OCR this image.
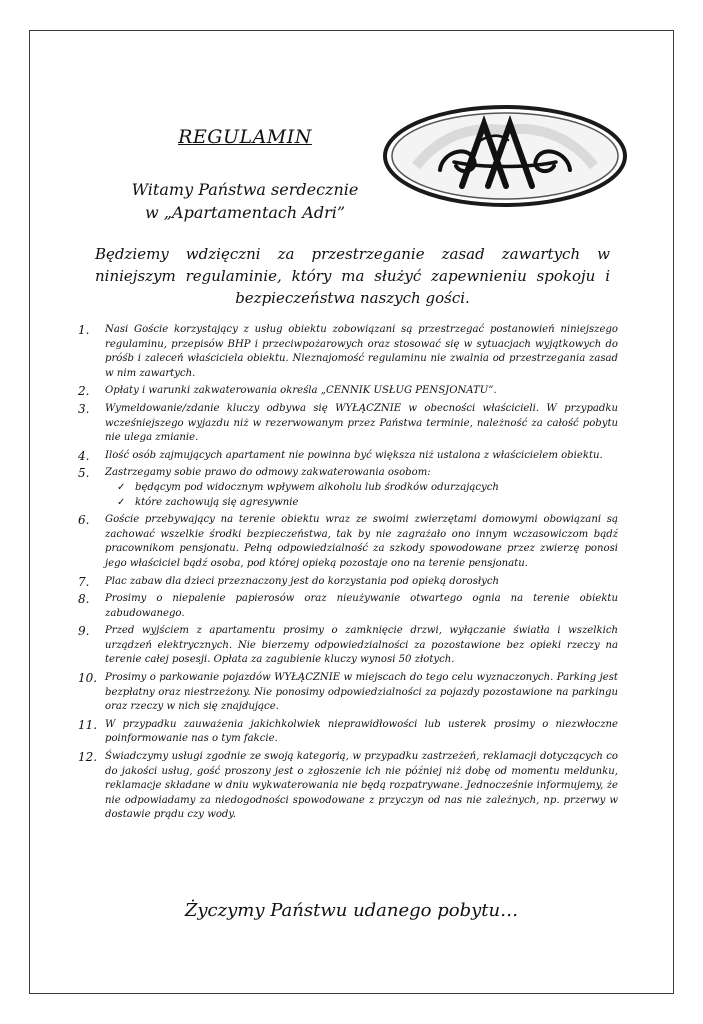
REGULAMIN
Witamy Państwa serdecznie
w „Apartamentach Adri”
Będziemy wdzięczni za przestrzeganie zasad zawartych w niniejszym regulaminie, który ma służyć zapewnieniu spokoju i bezpieczeństwa naszych gości.
1.	Nasi Goście korzystający z usług obiektu zobowiązani są przestrzegać postanowień niniejszego regulaminu, przepisów BHP i przeciwpożarowych oraz stosować się w sytuacjach wyjątkowych do próśb i zaleceń właściciela obiektu. Nieznajomość regulaminu nie zwalnia od przestrzegania zasad w nim zawartych.
2.	Opłaty i warunki zakwaterowania określa „CENNIK USŁUG PENSJONATU”.
3.	Wymeldowanie/zdanie kluczy odbywa się WYŁĄCZNIE w obecności właścicieli. W przypadku wcześniejszego wyjazdu niż w rezerwowanym przez Państwa terminie, należność za całość pobytu nie ulega zmianie.
4.	Ilość osób zajmujących apartament nie powinna być większa niż ustalona z właścicielem obiektu.
5.	Zastrzegamy sobie prawo do odmowy zakwaterowania osobom:
✓ będącym pod widocznym wpływem alkoholu lub środków odurzających
✓ które zachowują się agresywnie
6.	Goście przebywający na terenie obiektu wraz ze swoimi zwierzętami domowymi obowiązani są zachować wszelkie środki bezpieczeństwa, tak by nie zagrażało ono innym wczasowiczom bądź pracownikom pensjonatu. Pełną odpowiedzialność za szkody spowodowane przez zwierzę ponosi jego właściciel bądź osoba, pod której opieką pozostaje ono na terenie pensjonatu.
7.	Plac zabaw dla dzieci przeznaczony jest do korzystania pod opieką dorosłych
8.	Prosimy o niepalenie papierosów oraz nieużywanie otwartego ognia na terenie obiektu zabudowanego.
9.	Przed wyjściem z apartamentu prosimy o zamknięcie drzwi, wyłączanie światła i wszelkich urządzeń elektrycznych. Nie bierzemy odpowiedzialności za pozostawione bez opieki rzeczy na terenie całej posesji. Opłata za zagubienie kluczy wynosi 50 złotych.
10. Prosimy o parkowanie pojazdów WYŁĄCZNIE w miejscach do tego celu wyznaczonych. Parking jest bezpłatny oraz niestrzeżony. Nie ponosimy odpowiedzialności za pojazdy pozostawione na parkingu oraz rzeczy w nich się znajdujące.
11. W przypadku zauważenia jakichkolwiek nieprawidłowości lub usterek prosimy o niezwłoczne poinformowanie nas o tym fakcie.
12. Świadczymy usługi zgodnie ze swoją kategorią, w przypadku zastrzeżeń, reklamacji dotyczących co do jakości usług, gość proszony jest o zgłoszenie ich nie później niż dobę od momentu meldunku, reklamacje składane w dniu wykwaterowania nie będą rozpatrywane. Jednocześnie informujemy, że nie odpowiadamy za niedogodności spowodowane z przyczyn od nas nie zależnych, np. przerwy w dostawie prądu czy wody.
Życzymy Państwu udanego pobytu…
